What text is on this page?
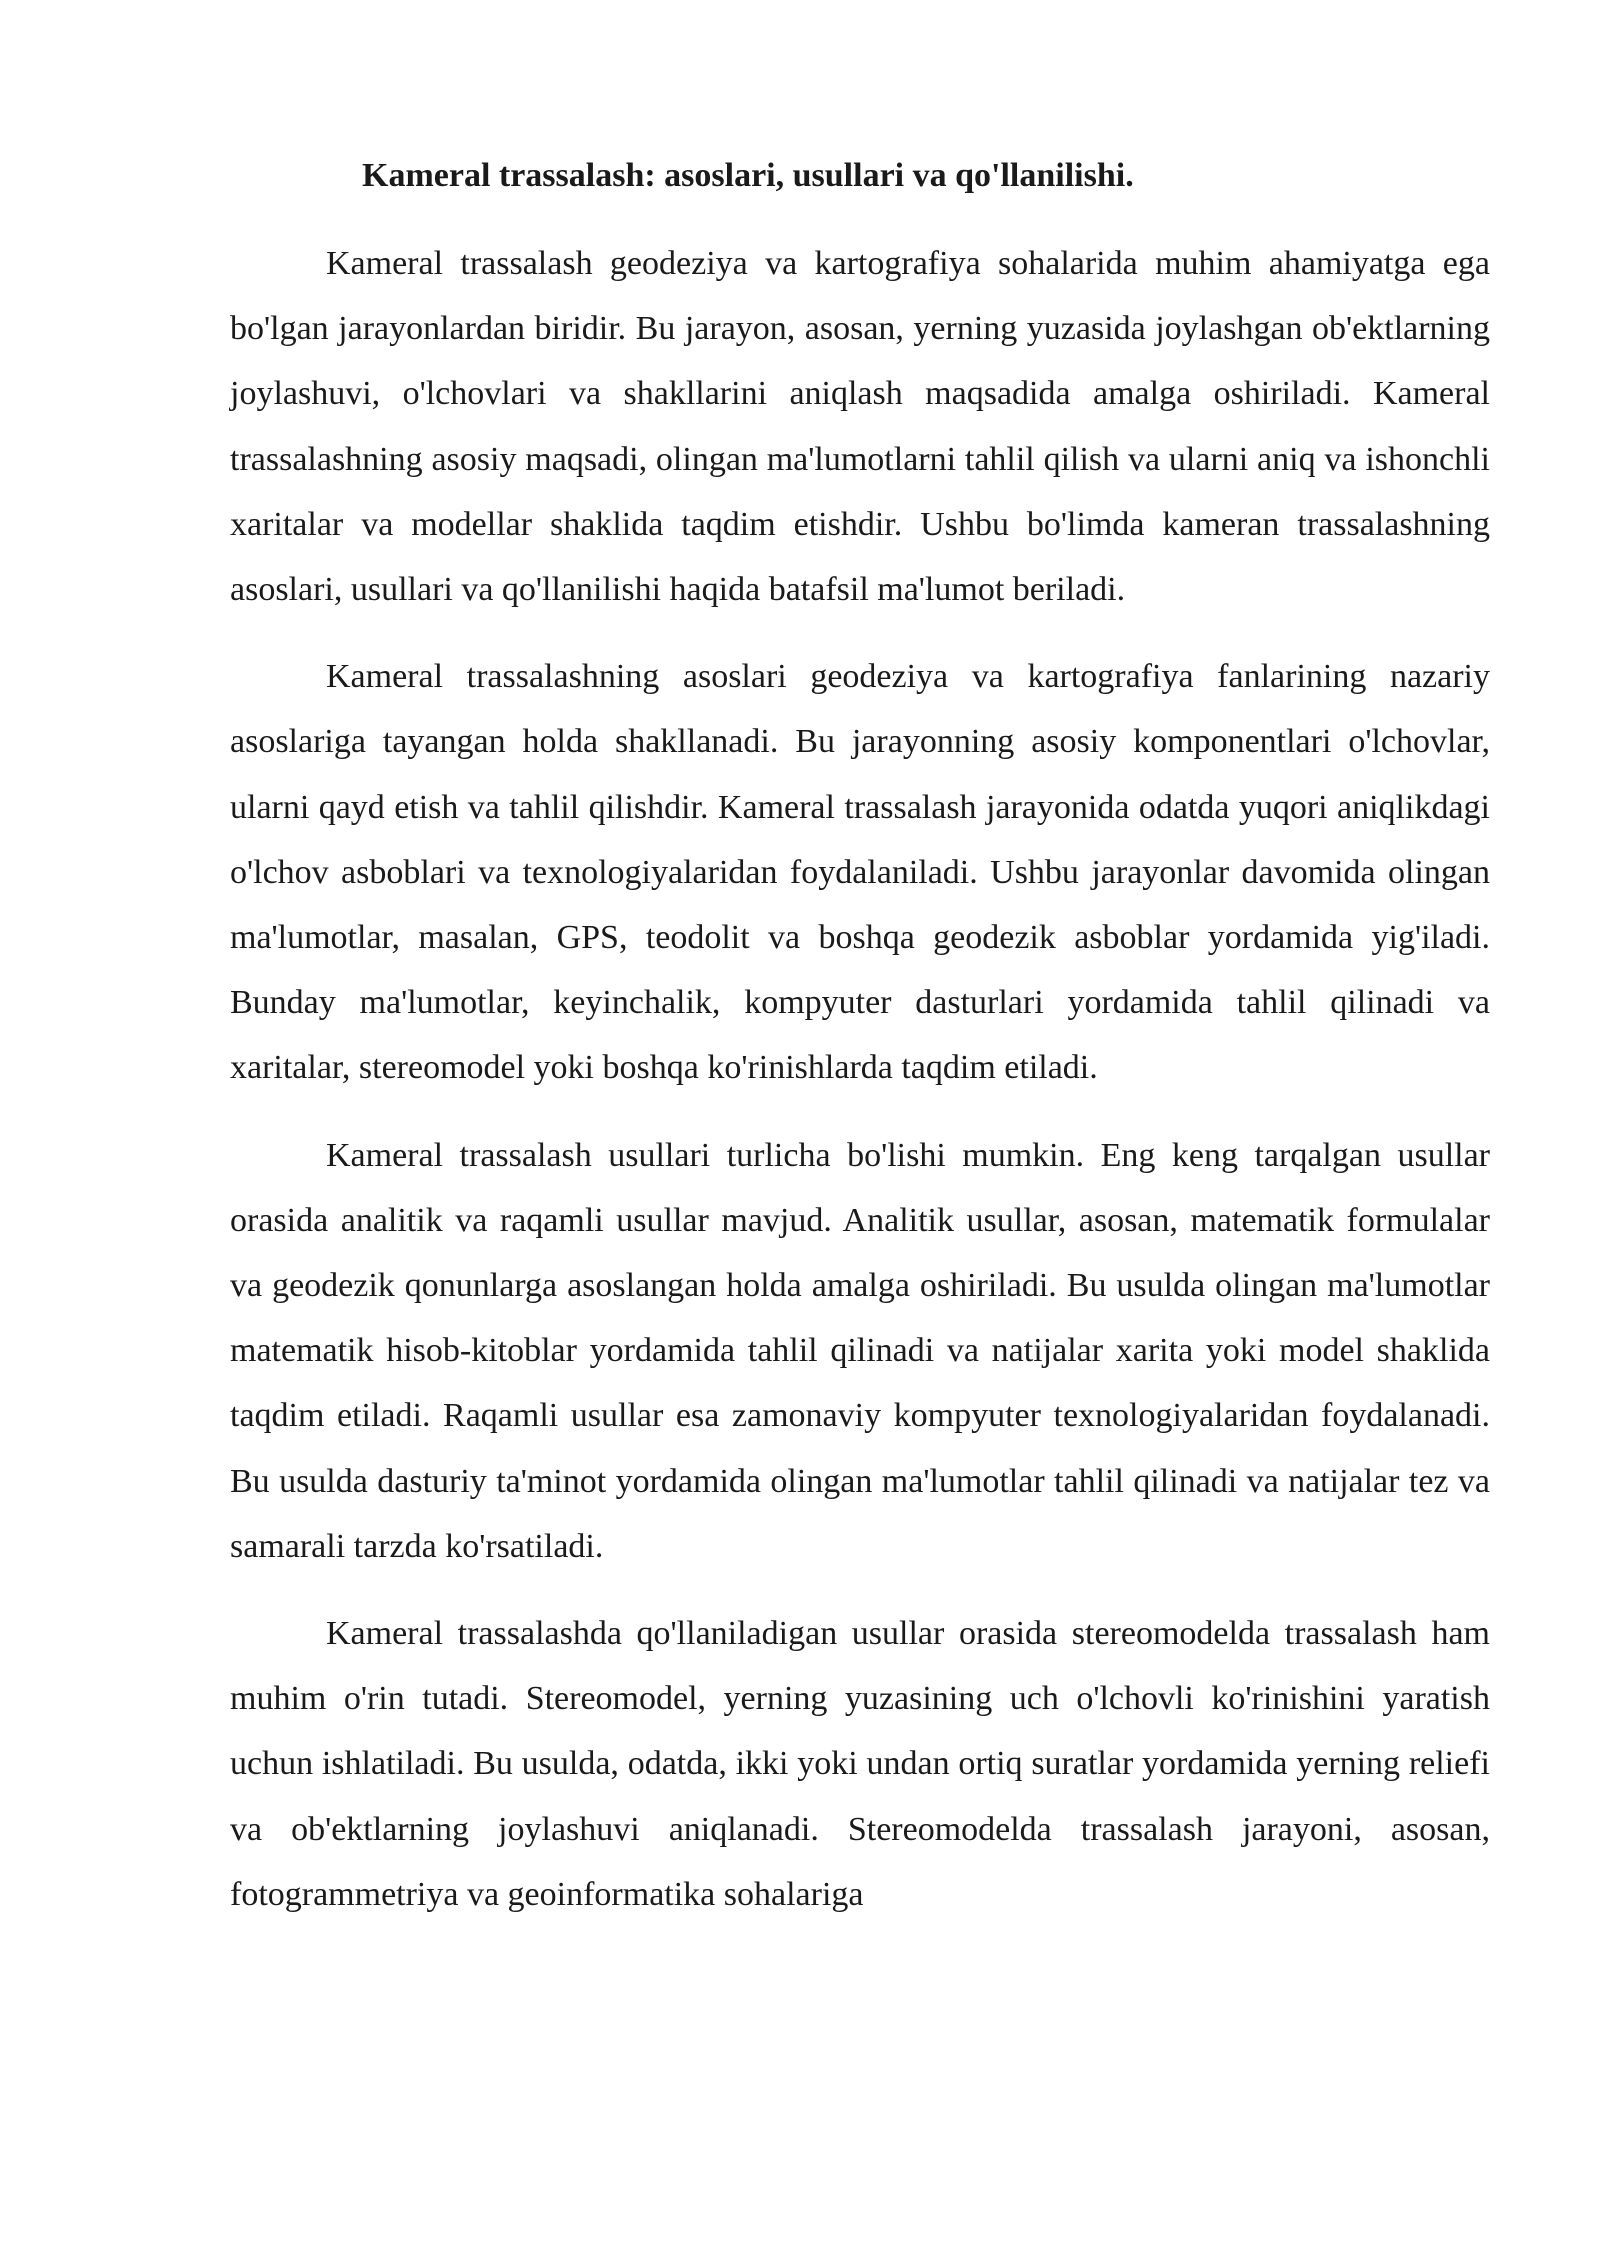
Kameral trassalash: asoslari, usullari va qo'llanilishi.

Kameral trassalash geodeziya va kartografiya sohalarida muhim ahamiyatga ega bo'lgan jarayonlardan biridir. Bu jarayon, asosan, yerning yuzasida joylashgan ob'ektlarning joylashuvi, o'lchovlari va shakllarini aniqlash maqsadida amalga oshiriladi. Kameral trassalashning asosiy maqsadi, olingan ma'lumotlarni tahlil qilish va ularni aniq va ishonchli xaritalar va modellar shaklida taqdim etishdir. Ushbu bo'limda kameran trassalashning asoslari, usullari va qo'llanilishi haqida batafsil ma'lumot beriladi.

Kameral trassalashning asoslari geodeziya va kartografiya fanlarining nazariy asoslariga tayangan holda shakllanadi. Bu jarayonning asosiy komponentlari o'lchovlar, ularni qayd etish va tahlil qilishdir. Kameral trassalash jarayonida odatda yuqori aniqlikdagi o'lchov asboblari va texnologiyalaridan foydalaniladi. Ushbu jarayonlar davomida olingan ma'lumotlar, masalan, GPS, teodolit va boshqa geodezik asboblar yordamida yig'iladi. Bunday ma'lumotlar, keyinchalik, kompyuter dasturlari yordamida tahlil qilinadi va xaritalar, stereomodel yoki boshqa ko'rinishlarda taqdim etiladi.

Kameral trassalash usullari turlicha bo'lishi mumkin. Eng keng tarqalgan usullar orasida analitik va raqamli usullar mavjud. Analitik usullar, asosan, matematik formulalar va geodezik qonunlarga asoslangan holda amalga oshiriladi. Bu usulda olingan ma'lumotlar matematik hisob-kitoblar yordamida tahlil qilinadi va natijalar xarita yoki model shaklida taqdim etiladi. Raqamli usullar esa zamonaviy kompyuter texnologiyalaridan foydalanadi. Bu usulda dasturiy ta'minot yordamida olingan ma'lumotlar tahlil qilinadi va natijalar tez va samarali tarzda ko'rsatiladi.

Kameral trassalashda qo'llaniladigan usullar orasida stereomodelda trassalash ham muhim o'rin tutadi. Stereomodel, yerning yuzasining uch o'lchovli ko'rinishini yaratish uchun ishlatiladi. Bu usulda, odatda, ikki yoki undan ortiq suratlar yordamida yerning reliefi va ob'ektlarning joylashuvi aniqlanadi. Stereomodelda trassalash jarayoni, asosan, fotogrammetriya va geoinformatika sohalariga
